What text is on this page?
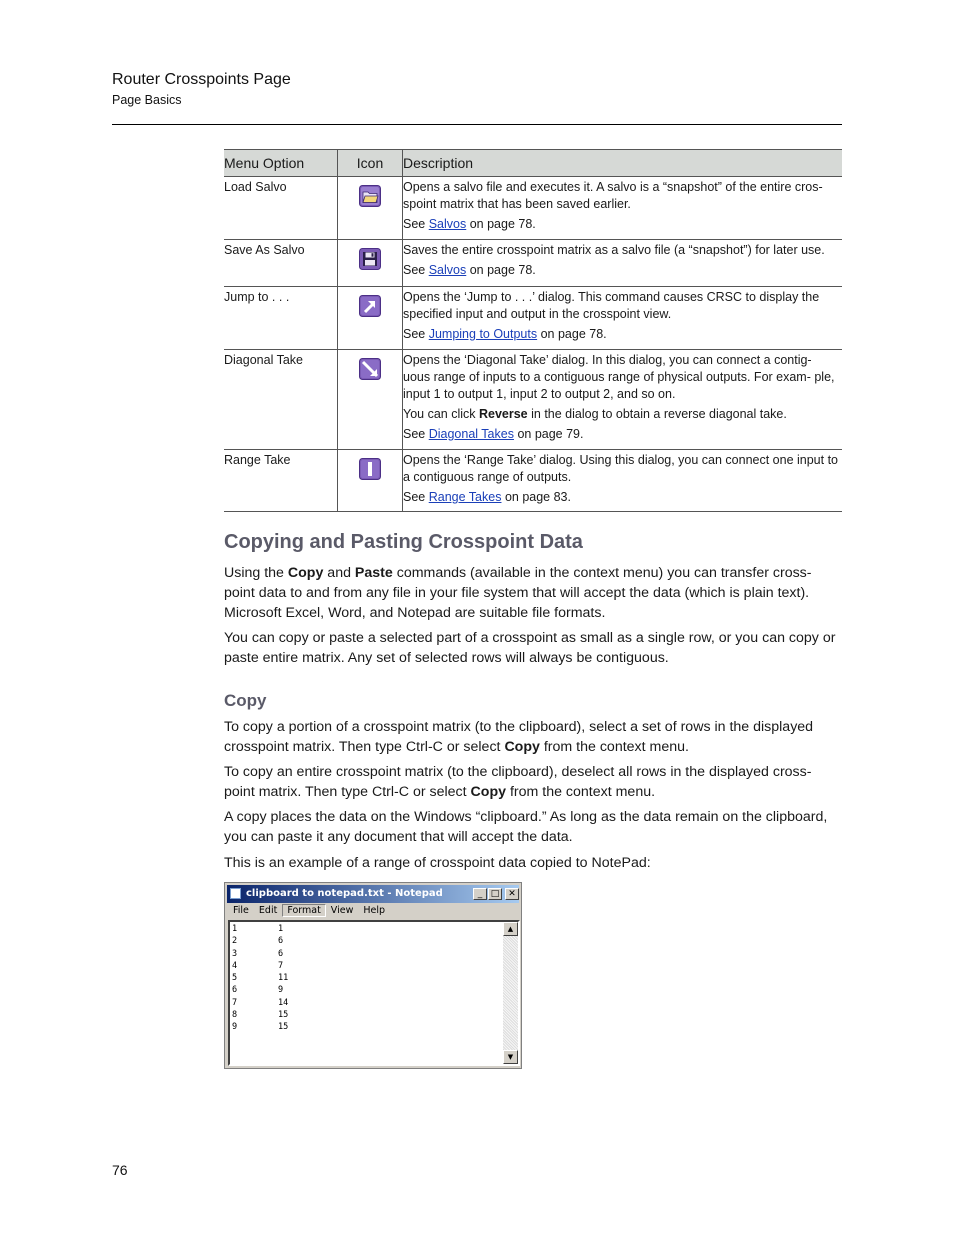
Router Crosspoints Page
Page Basics
Menu Option	Icon	Description
Load Salvo		Opens a salvo file and executes it. A salvo is a “snapshot” of the entire cros- spoint matrix that has been saved earlier.

See Salvos on page 78.

Save As Salvo		Saves the entire crosspoint matrix as a salvo file (a “snapshot”) for later use.

See Salvos on page 78.

Jump to . . .		Opens the ‘Jump to . . .’ dialog. This command causes CRSC to display the specified input and output in the crosspoint view.

See Jumping to Outputs on page 78.

Diagonal Take		Opens the ‘Diagonal Take’ dialog. In this dialog, you can connect a contig- uous range of inputs to a contiguous range of physical outputs. For exam- ple, input 1 to output 1, input 2 to output 2, and so on.

You can click Reverse in the dialog to obtain a reverse diagonal take.

See Diagonal Takes on page 79.

Range Take		Opens the ‘Range Take’ dialog. Using this dialog, you can connect one input to a contiguous range of outputs.

See Range Takes on page 83.

Copying and Pasting Crosspoint Data

Using the Copy and Paste commands (available in the context menu) you can transfer cross- point data to and from any file in your file system that will accept the data (which is plain text). Microsoft Excel, Word, and Notepad are suitable file formats.

You can copy or paste a selected part of a crosspoint as small as a single row, or you can copy or paste entire matrix. Any set of selected rows will always be contiguous.

Copy

To copy a portion of a crosspoint matrix (to the clipboard), select a set of rows in the displayed crosspoint matrix. Then type Ctrl-C or select Copy from the context menu.

To copy an entire crosspoint matrix (to the clipboard), deselect all rows in the displayed cross- point matrix. Then type Ctrl-C or select Copy from the context menu.

A copy places the data on the Windows “clipboard.” As long as the data remain on the clipboard, you can paste it any document that will accept the data.

This is an example of a range of crosspoint data copied to NotePad:

clipboard to notepad.txt - Notepad	_ □ ✕
File Edit Format View Help
1        1
2        6
3        6
4        7
5        11
6        9
7        14
8        15
9        15
▲
▼
76
